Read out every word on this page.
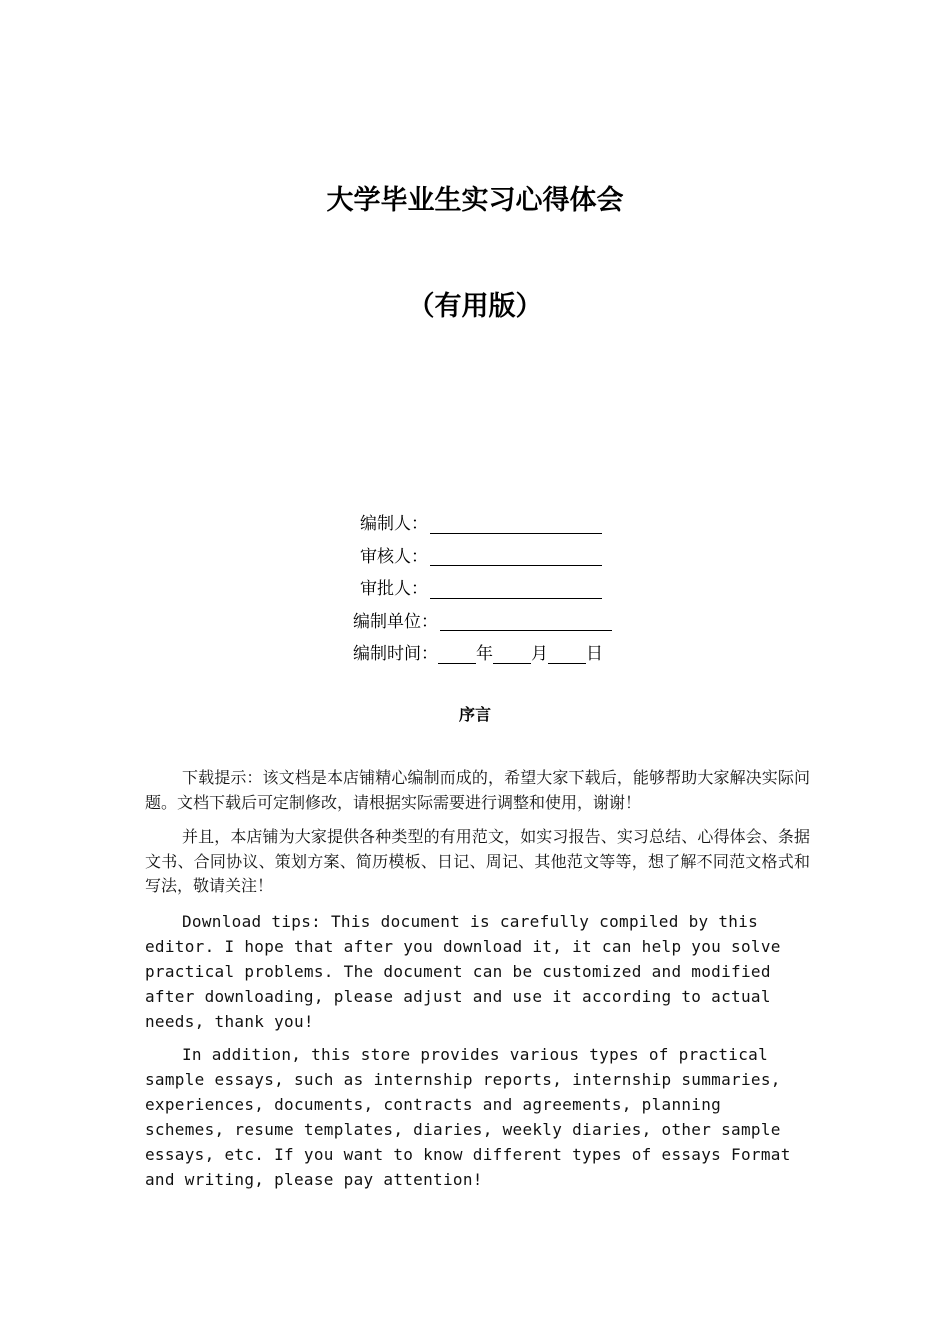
大学毕业生实习心得体会
（有用版）
编制人：
审核人：
审批人：
编制单位：
编制时间： 年 月 日
序言

下载提示：该文档是本店铺精心编制而成的，希望大家下载后，能够帮助大家解决实际问题。文档下载后可定制修改，请根据实际需要进行调整和使用，谢谢！

并且，本店铺为大家提供各种类型的有用范文，如实习报告、实习总结、心得体会、条据文书、合同协议、策划方案、简历模板、日记、周记、其他范文等等，想了解不同范文格式和写法，敬请关注！

Download tips: This document is carefully compiled by this editor. I hope that after you download it, it can help you solve practical problems. The document can be customized and modified after downloading, please adjust and use it according to actual needs, thank you!

In addition, this store provides various types of practical sample essays, such as internship reports, internship summaries, experiences, documents, contracts and agreements, planning schemes, resume templates, diaries, weekly diaries, other sample essays, etc. If you want to know different types of essays Format and writing, please pay attention!
